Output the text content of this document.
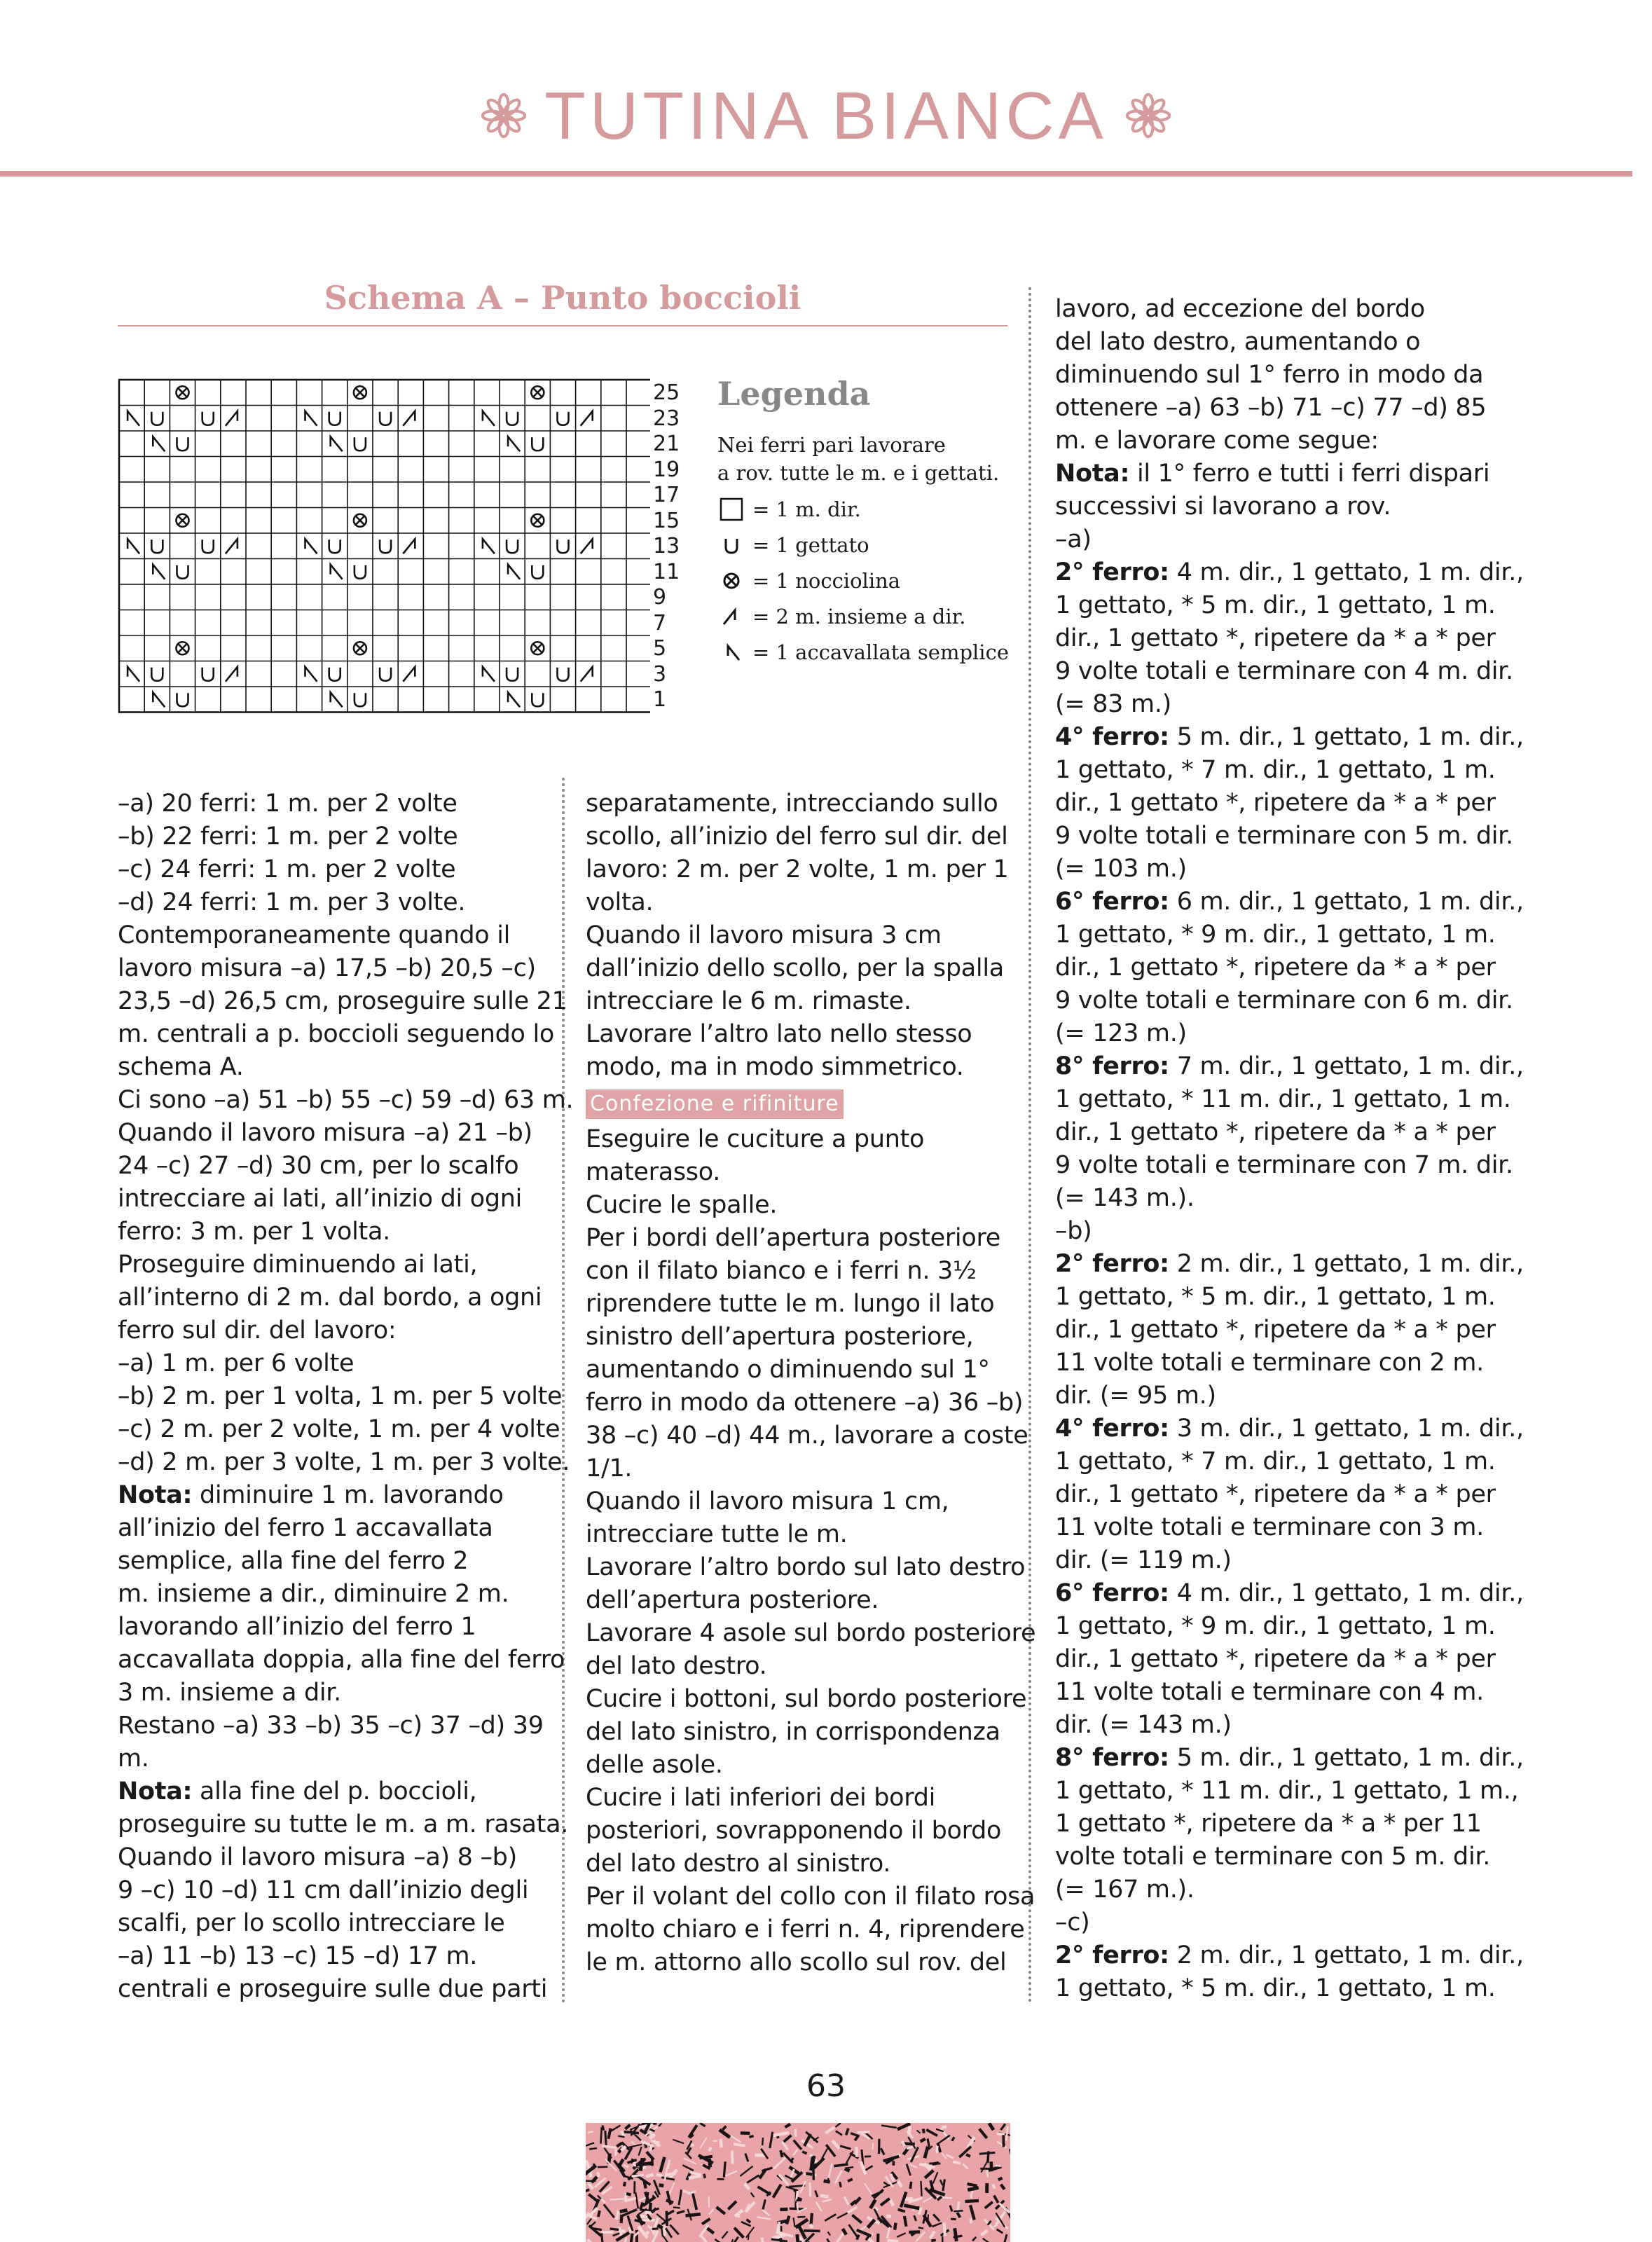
TUTINA BIANCA
Schema A – Punto boccioli
25
23
21
19
17
15
13
11
9
7
5
3
1
Legenda
Nei ferri pari lavorare
a rov. tutte le m. e i gettati.
= 1 m. dir.
= 1 gettato
= 1 nocciolina
= 2 m. insieme a dir.
= 1 accavallata semplice

–a) 20 ferri: 1 m. per 2 volte

–b) 22 ferri: 1 m. per 2 volte

–c) 24 ferri: 1 m. per 2 volte

–d) 24 ferri: 1 m. per 3 volte.

Contemporaneamente quando il

lavoro misura –a) 17,5 –b) 20,5 –c)

23,5 –d) 26,5 cm, proseguire sulle 21

m. centrali a p. boccioli seguendo lo

schema A.

Ci sono –a) 51 –b) 55 –c) 59 –d) 63 m.

Quando il lavoro misura –a) 21 –b)

24 –c) 27 –d) 30 cm, per lo scalfo

intrecciare ai lati, all’inizio di ogni

ferro: 3 m. per 1 volta.

Proseguire diminuendo ai lati,

all’interno di 2 m. dal bordo, a ogni

ferro sul dir. del lavoro:

–a) 1 m. per 6 volte

–b) 2 m. per 1 volta, 1 m. per 5 volte

–c) 2 m. per 2 volte, 1 m. per 4 volte

–d) 2 m. per 3 volte, 1 m. per 3 volte.

Nota: diminuire 1 m. lavorando

all’inizio del ferro 1 accavallata

semplice, alla fine del ferro 2

m. insieme a dir., diminuire 2 m.

lavorando all’inizio del ferro 1

accavallata doppia, alla fine del ferro

3 m. insieme a dir.

Restano –a) 33 –b) 35 –c) 37 –d) 39

m.

Nota: alla fine del p. boccioli,

proseguire su tutte le m. a m. rasata.

Quando il lavoro misura –a) 8 –b)

9 –c) 10 –d) 11 cm dall’inizio degli

scalfi, per lo scollo intrecciare le

–a) 11 –b) 13 –c) 15 –d) 17 m.

centrali e proseguire sulle due parti

separatamente, intrecciando sullo

scollo, all’inizio del ferro sul dir. del

lavoro: 2 m. per 2 volte, 1 m. per 1

volta.

Quando il lavoro misura 3 cm

dall’inizio dello scollo, per la spalla

intrecciare le 6 m. rimaste.

Lavorare l’altro lato nello stesso

modo, ma in modo simmetrico.

Confezione e rifiniture

Eseguire le cuciture a punto

materasso.

Cucire le spalle.

Per i bordi dell’apertura posteriore

con il filato bianco e i ferri n. 3½

riprendere tutte le m. lungo il lato

sinistro dell’apertura posteriore,

aumentando o diminuendo sul 1°

ferro in modo da ottenere –a) 36 –b)

38 –c) 40 –d) 44 m., lavorare a coste

1/1.

Quando il lavoro misura 1 cm,

intrecciare tutte le m.

Lavorare l’altro bordo sul lato destro

dell’apertura posteriore.

Lavorare 4 asole sul bordo posteriore

del lato destro.

Cucire i bottoni, sul bordo posteriore

del lato sinistro, in corrispondenza

delle asole.

Cucire i lati inferiori dei bordi

posteriori, sovrapponendo il bordo

del lato destro al sinistro.

Per il volant del collo con il filato rosa

molto chiaro e i ferri n. 4, riprendere

le m. attorno allo scollo sul rov. del

lavoro, ad eccezione del bordo

del lato destro, aumentando o

diminuendo sul 1° ferro in modo da

ottenere –a) 63 –b) 71 –c) 77 –d) 85

m. e lavorare come segue:

Nota: il 1° ferro e tutti i ferri dispari

successivi si lavorano a rov.

–a)

2° ferro: 4 m. dir., 1 gettato, 1 m. dir.,

1 gettato, * 5 m. dir., 1 gettato, 1 m.

dir., 1 gettato *, ripetere da * a * per

9 volte totali e terminare con 4 m. dir.

(= 83 m.)

4° ferro: 5 m. dir., 1 gettato, 1 m. dir.,

1 gettato, * 7 m. dir., 1 gettato, 1 m.

dir., 1 gettato *, ripetere da * a * per

9 volte totali e terminare con 5 m. dir.

(= 103 m.)

6° ferro: 6 m. dir., 1 gettato, 1 m. dir.,

1 gettato, * 9 m. dir., 1 gettato, 1 m.

dir., 1 gettato *, ripetere da * a * per

9 volte totali e terminare con 6 m. dir.

(= 123 m.)

8° ferro: 7 m. dir., 1 gettato, 1 m. dir.,

1 gettato, * 11 m. dir., 1 gettato, 1 m.

dir., 1 gettato *, ripetere da * a * per

9 volte totali e terminare con 7 m. dir.

(= 143 m.).

–b)

2° ferro: 2 m. dir., 1 gettato, 1 m. dir.,

1 gettato, * 5 m. dir., 1 gettato, 1 m.

dir., 1 gettato *, ripetere da * a * per

11 volte totali e terminare con 2 m.

dir. (= 95 m.)

4° ferro: 3 m. dir., 1 gettato, 1 m. dir.,

1 gettato, * 7 m. dir., 1 gettato, 1 m.

dir., 1 gettato *, ripetere da * a * per

11 volte totali e terminare con 3 m.

dir. (= 119 m.)

6° ferro: 4 m. dir., 1 gettato, 1 m. dir.,

1 gettato, * 9 m. dir., 1 gettato, 1 m.

dir., 1 gettato *, ripetere da * a * per

11 volte totali e terminare con 4 m.

dir. (= 143 m.)

8° ferro: 5 m. dir., 1 gettato, 1 m. dir.,

1 gettato, * 11 m. dir., 1 gettato, 1 m.,

1 gettato *, ripetere da * a * per 11

volte totali e terminare con 5 m. dir.

(= 167 m.).

–c)

2° ferro: 2 m. dir., 1 gettato, 1 m. dir.,

1 gettato, * 5 m. dir., 1 gettato, 1 m.

63
